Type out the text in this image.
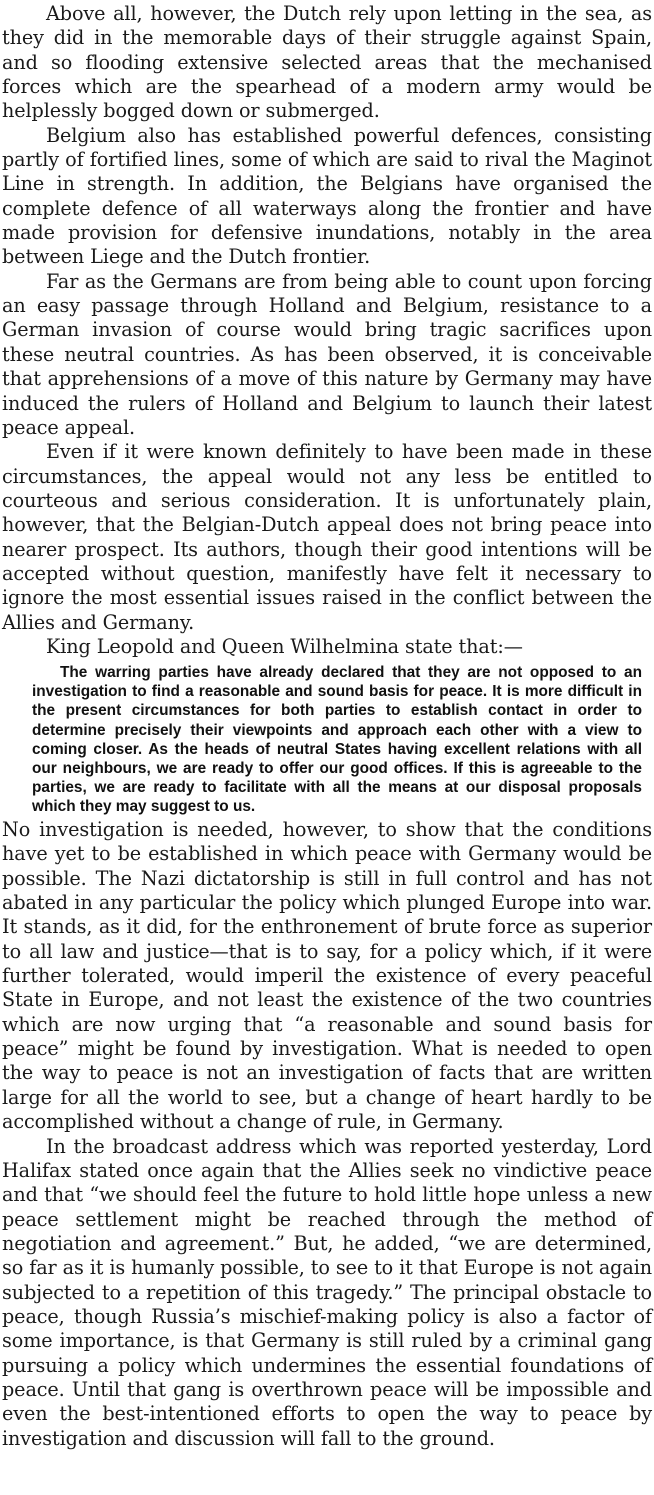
Above all, however, the Dutch rely upon letting in the sea, as they did in the memorable days of their struggle against Spain, and so flooding extensive selected areas that the mechanised forces which are the spearhead of a modern army would be helplessly bogged down or submerged.

Belgium also has established powerful defences, consisting partly of fortified lines, some of which are said to rival the Maginot Line in strength. In addition, the Belgians have organised the complete defence of all waterways along the frontier and have made provision for defensive inundations, notably in the area between Liege and the Dutch frontier.

Far as the Germans are from being able to count upon forcing an easy passage through Holland and Belgium, resistance to a German invasion of course would bring tragic sacrifices upon these neutral countries. As has been observed, it is conceivable that apprehensions of a move of this nature by Germany may have induced the rulers of Holland and Belgium to launch their latest peace appeal.

Even if it were known definitely to have been made in these circumstances, the appeal would not any less be entitled to courteous and serious consideration. It is unfortunately plain, however, that the Belgian-Dutch appeal does not bring peace into nearer prospect. Its authors, though their good intentions will be accepted without question, manifestly have felt it necessary to ignore the most essential issues raised in the conflict between the Allies and Germany.

King Leopold and Queen Wilhelmina state that:—

The warring parties have already declared that they are not opposed to an investigation to find a reasonable and sound basis for peace. It is more difficult in the present circumstances for both parties to establish contact in order to determine precisely their viewpoints and approach each other with a view to coming closer. As the heads of neutral States having excellent relations with all our neighbours, we are ready to offer our good offices. If this is agreeable to the parties, we are ready to facilitate with all the means at our disposal proposals which they may suggest to us.

No investigation is needed, however, to show that the conditions have yet to be established in which peace with Germany would be possible. The Nazi dictatorship is still in full control and has not abated in any particular the policy which plunged Europe into war. It stands, as it did, for the enthronement of brute force as superior to all law and justice—that is to say, for a policy which, if it were further tolerated, would imperil the existence of every peaceful State in Europe, and not least the existence of the two countries which are now urging that “a reasonable and sound basis for peace” might be found by investigation. What is needed to open the way to peace is not an investigation of facts that are written large for all the world to see, but a change of heart hardly to be accomplished without a change of rule, in Germany.

In the broadcast address which was reported yesterday, Lord Halifax stated once again that the Allies seek no vindictive peace and that “we should feel the future to hold little hope unless a new peace settlement might be reached through the method of negotiation and agreement.” But, he added, “we are determined, so far as it is humanly possible, to see to it that Europe is not again subjected to a repetition of this tragedy.” The principal obstacle to peace, though Russia’s mischief-making policy is also a factor of some importance, is that Germany is still ruled by a criminal gang pursuing a policy which undermines the essential foundations of peace. Until that gang is overthrown peace will be impossible and even the best-intentioned efforts to open the way to peace by investigation and discussion will fall to the ground.
